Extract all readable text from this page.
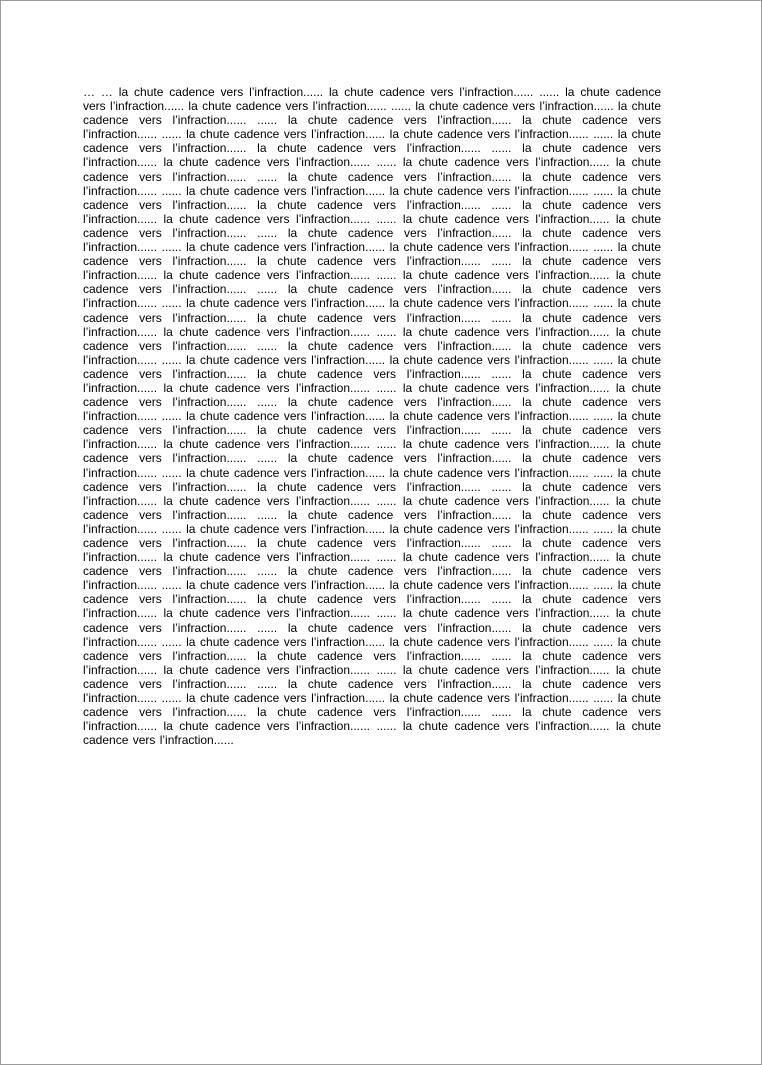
… … la chute cadence vers l’infraction...... la chute cadence vers l’infraction...... ...... la chute cadence vers l’infraction...... la chute cadence vers l’infraction...... ...... la chute cadence vers l’infraction...... la chute cadence vers l’infraction...... ...... la chute cadence vers l’infraction...... la chute cadence vers l’infraction...... ...... la chute cadence vers l’infraction...... la chute cadence vers l’infraction...... ...... la chute cadence vers l’infraction...... la chute cadence vers l’infraction...... ...... la chute cadence vers l’infraction...... la chute cadence vers l’infraction...... ...... la chute cadence vers l’infraction...... la chute cadence vers l’infraction...... ...... la chute cadence vers l’infraction...... la chute cadence vers l’infraction...... ...... la chute cadence vers l’infraction...... la chute cadence vers l’infraction...... ...... la chute cadence vers l’infraction...... la chute cadence vers l’infraction...... ...... la chute cadence vers l’infraction...... la chute cadence vers l’infraction...... ...... la chute cadence vers l’infraction...... la chute cadence vers l’infraction...... ...... la chute cadence vers l’infraction...... la chute cadence vers l’infraction...... ...... la chute cadence vers l’infraction...... la chute cadence vers l’infraction...... ...... la chute cadence vers l’infraction...... la chute cadence vers l’infraction...... ...... la chute cadence vers l’infraction...... la chute cadence vers l’infraction...... ...... la chute cadence vers l’infraction...... la chute cadence vers l’infraction...... ...... la chute cadence vers l’infraction...... la chute cadence vers l’infraction...... ...... la chute cadence vers l’infraction...... la chute cadence vers l’infraction...... ...... la chute cadence vers l’infraction...... la chute cadence vers l’infraction...... ...... la chute cadence vers l’infraction...... la chute cadence vers l’infraction...... ...... la chute cadence vers l’infraction...... la chute cadence vers l’infraction...... ...... la chute cadence vers l’infraction...... la chute cadence vers l’infraction...... ...... la chute cadence vers l’infraction...... la chute cadence vers l’infraction...... ...... la chute cadence vers l’infraction...... la chute cadence vers l’infraction...... ...... la chute cadence vers l’infraction...... la chute cadence vers l’infraction...... ...... la chute cadence vers l’infraction...... la chute cadence vers l’infraction...... ...... la chute cadence vers l’infraction...... la chute cadence vers l’infraction...... ...... la chute cadence vers l’infraction...... la chute cadence vers l’infraction...... ...... la chute cadence vers l’infraction...... la chute cadence vers l’infraction...... ...... la chute cadence vers l’infraction...... la chute cadence vers l’infraction...... ...... la chute cadence vers l’infraction...... la chute cadence vers l’infraction...... ...... la chute cadence vers l’infraction...... la chute cadence vers l’infraction...... ...... la chute cadence vers l’infraction...... la chute cadence vers l’infraction...... ...... la chute cadence vers l’infraction...... la chute cadence vers l’infraction...... ...... la chute cadence vers l’infraction...... la chute cadence vers l’infraction...... ...... la chute cadence vers l’infraction...... la chute cadence vers l’infraction...... ...... la chute cadence vers l’infraction...... la chute cadence vers l’infraction...... ...... la chute cadence vers l’infraction...... la chute cadence vers l’infraction...... ...... la chute cadence vers l’infraction...... la chute cadence vers l’infraction...... ...... la chute cadence vers l’infraction...... la chute cadence vers l’infraction...... ...... la chute cadence vers l’infraction...... la chute cadence vers l’infraction...... ...... la chute cadence vers l’infraction...... la chute cadence vers l’infraction...... ...... la chute cadence vers l’infraction...... la chute cadence vers l’infraction...... ...... la chute cadence vers l’infraction...... la chute cadence vers l’infraction...... ...... la chute cadence vers l’infraction...... la chute cadence vers l’infraction...... ...... la chute cadence vers l’infraction...... la chute cadence vers l’infraction...... ...... la chute cadence vers l’infraction...... la chute cadence vers l’infraction...... ...... la chute cadence vers l’infraction...... la chute cadence vers l’infraction...... ...... la chute cadence vers l’infraction...... la chute cadence vers l’infraction...... ...... la chute cadence vers l’infraction...... la chute cadence vers l’infraction...... ...... la chute cadence vers l’infraction...... la chute cadence vers l’infraction...... ...... la chute cadence vers l’infraction...... la chute cadence vers l’infraction...... ...... la chute cadence vers l’infraction...... la chute cadence vers l’infraction...... ...... la chute cadence vers l’infraction...... la chute cadence vers l’infraction...... ...... la chute cadence vers l’infraction...... la chute cadence vers l’infraction...... ...... la chute cadence vers l’infraction...... la chute cadence vers l’infraction......
